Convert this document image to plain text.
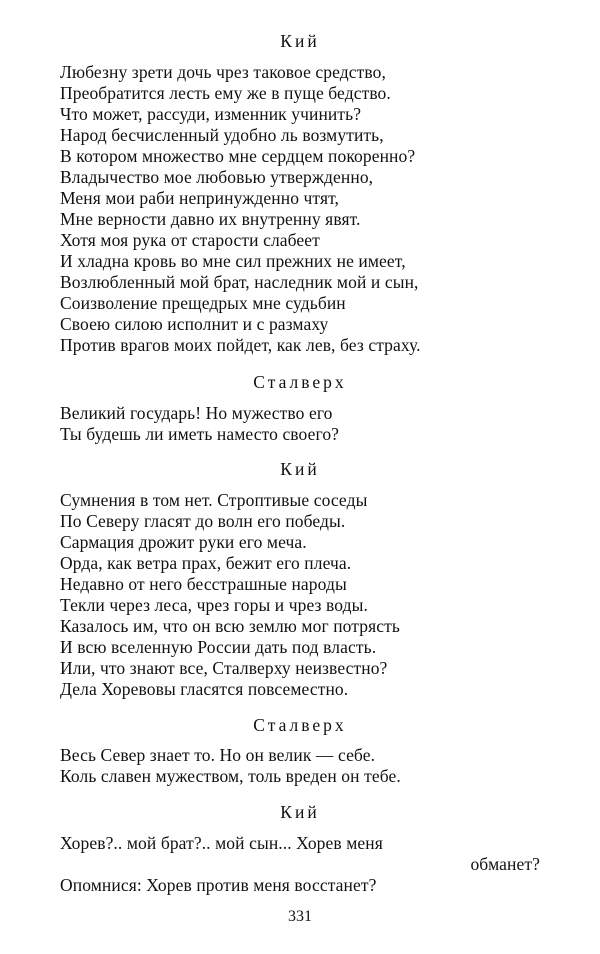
Кий
Любезну зрети дочь чрез таковое средство,
Преобратится лесть ему же в пуще бедство.
Что может, рассуди, изменник учинить?
Народ бесчисленный удобно ль возмутить,
В котором множество мне сердцем покоренно?
Владычество мое любовью утвержденно,
Меня мои раби непринужденно чтят,
Мне верности давно их внутренну явят.
Хотя моя рука от старости слабеет
И хладна кровь во мне сил прежних не имеет,
Возлюбленный мой брат, наследник мой и сын,
Соизволение прещедрых мне судьбин
Своею силою исполнит и с размаху
Против врагов моих пойдет, как лев, без страху.
Сталверх
Великий государь! Но мужество его
Ты будешь ли иметь наместо своего?
Кий
Сумнения в том нет. Строптивые соседы
По Северу гласят до волн его победы.
Сармация дрожит руки его меча.
Орда, как ветра прах, бежит его плеча.
Недавно от него бесстрашные народы
Текли через леса, чрез горы и чрез воды.
Казалось им, что он всю землю мог потрясть
И всю вселенную России дать под власть.
Или, что знают все, Сталверху неизвестно?
Дела Хоревовы гласятся повсеместно.
Сталверх
Весь Север знает то. Но он велик — себе.
Коль славен мужеством, толь вреден он тебе.
Кий
Хорев?.. мой брат?.. мой сын... Хорев меня
обманет?
Опомнися: Хорев против меня восстанет?
331
